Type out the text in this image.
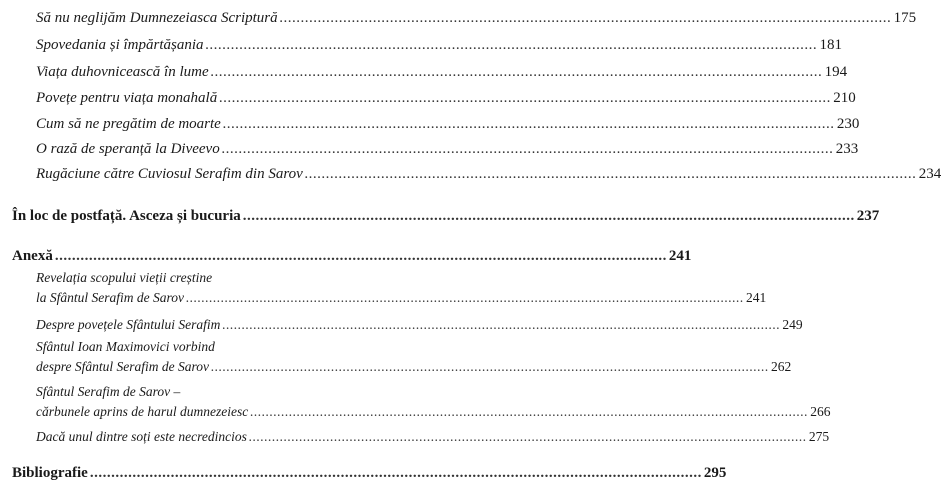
Să nu neglijăm Dumnezeiasca Scriptură ................................................................................................................................................ 175
Spovedania și împărtășania ................................................................................................................................................ 181
Viața duhovnicească în lume ................................................................................................................................................ 194
Povețe pentru viața monahală ................................................................................................................................................ 210
Cum să ne pregătim de moarte ................................................................................................................................................ 230
O rază de speranță la Diveevo ................................................................................................................................................ 233
Rugăciune către Cuviosul Serafim din Sarov ................................................................................................................................................ 234
În loc de postfață. Asceza și bucuria ................................................................................................................................................ 237
Anexă ................................................................................................................................................ 241
Revelația scopului vieții creștine
la Sfântul Serafim de Sarov ................................................................................................................................................ 241
Despre povețele Sfântului Serafim ................................................................................................................................................ 249
Sfântul Ioan Maximovici vorbind
despre Sfântul Serafim de Sarov ................................................................................................................................................ 262
Sfântul Serafim de Sarov –
cărbunele aprins de harul dumnezeiesc ................................................................................................................................................ 266
Dacă unul dintre soți este necredincios ................................................................................................................................................ 275
Bibliografie ................................................................................................................................................ 295
